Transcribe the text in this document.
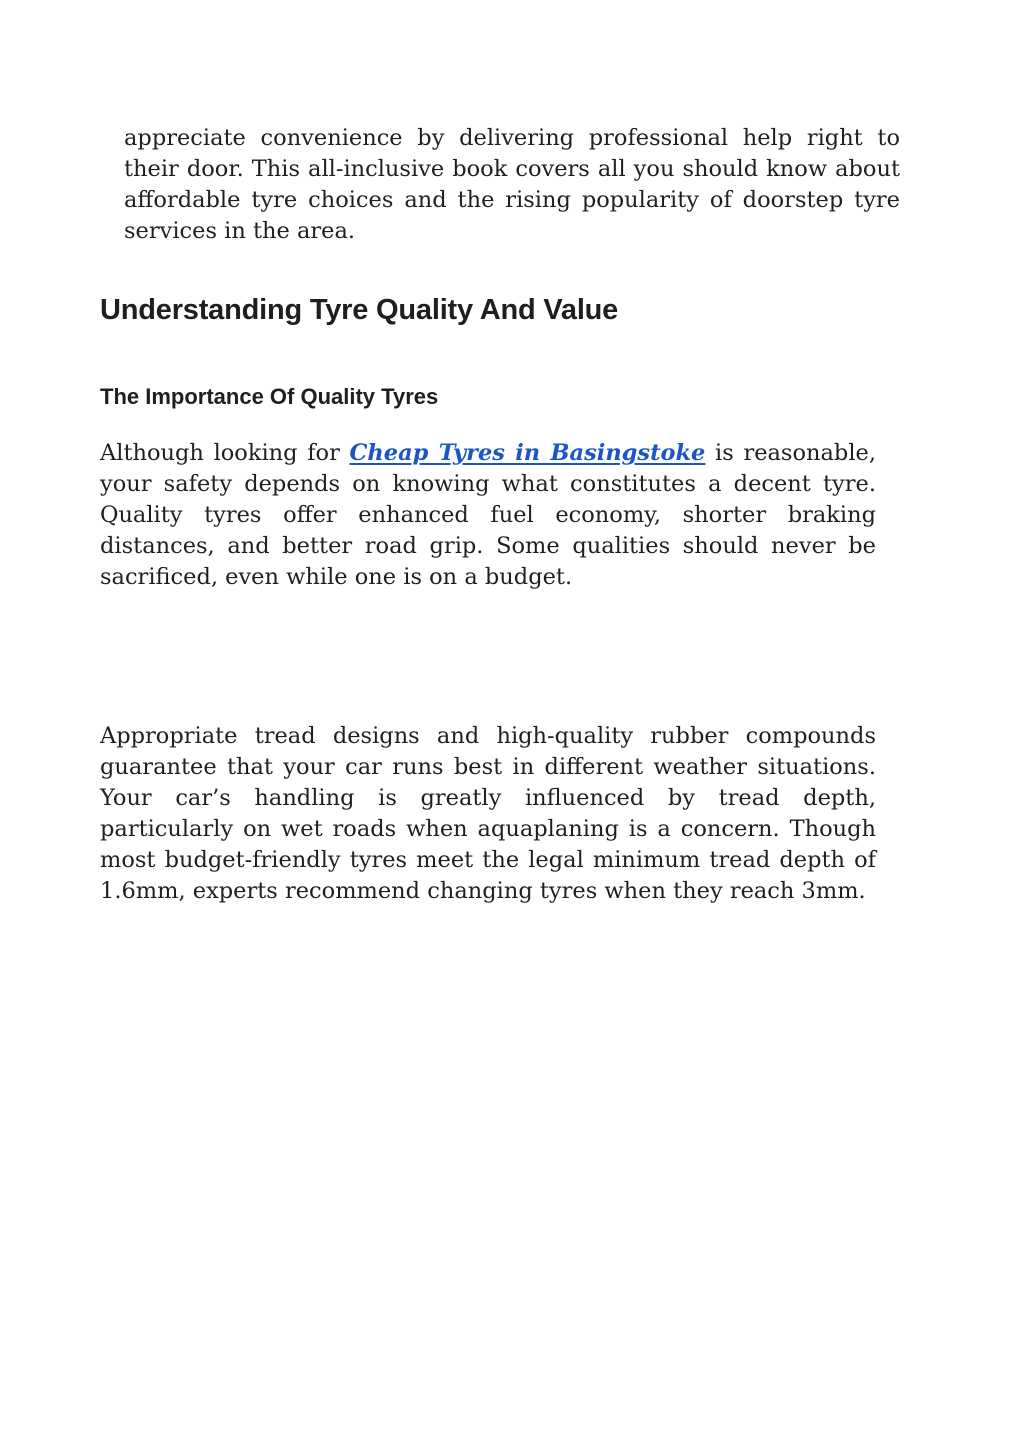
appreciate convenience by delivering professional help right to their door. This all-inclusive book covers all you should know about affordable tyre choices and the rising popularity of doorstep tyre services in the area.

Understanding Tyre Quality And Value
The Importance Of Quality Tyres

Although looking for Cheap Tyres in Basingstoke is reasonable, your safety depends on knowing what constitutes a decent tyre. Quality tyres offer enhanced fuel economy, shorter braking distances, and better road grip. Some qualities should never be sacrificed, even while one is on a budget.

Appropriate tread designs and high-quality rubber compounds guarantee that your car runs best in different weather situations. Your car’s handling is greatly influenced by tread depth, particularly on wet roads when aquaplaning is a concern. Though most budget-friendly tyres meet the legal minimum tread depth of 1.6mm, experts recommend changing tyres when they reach 3mm.
